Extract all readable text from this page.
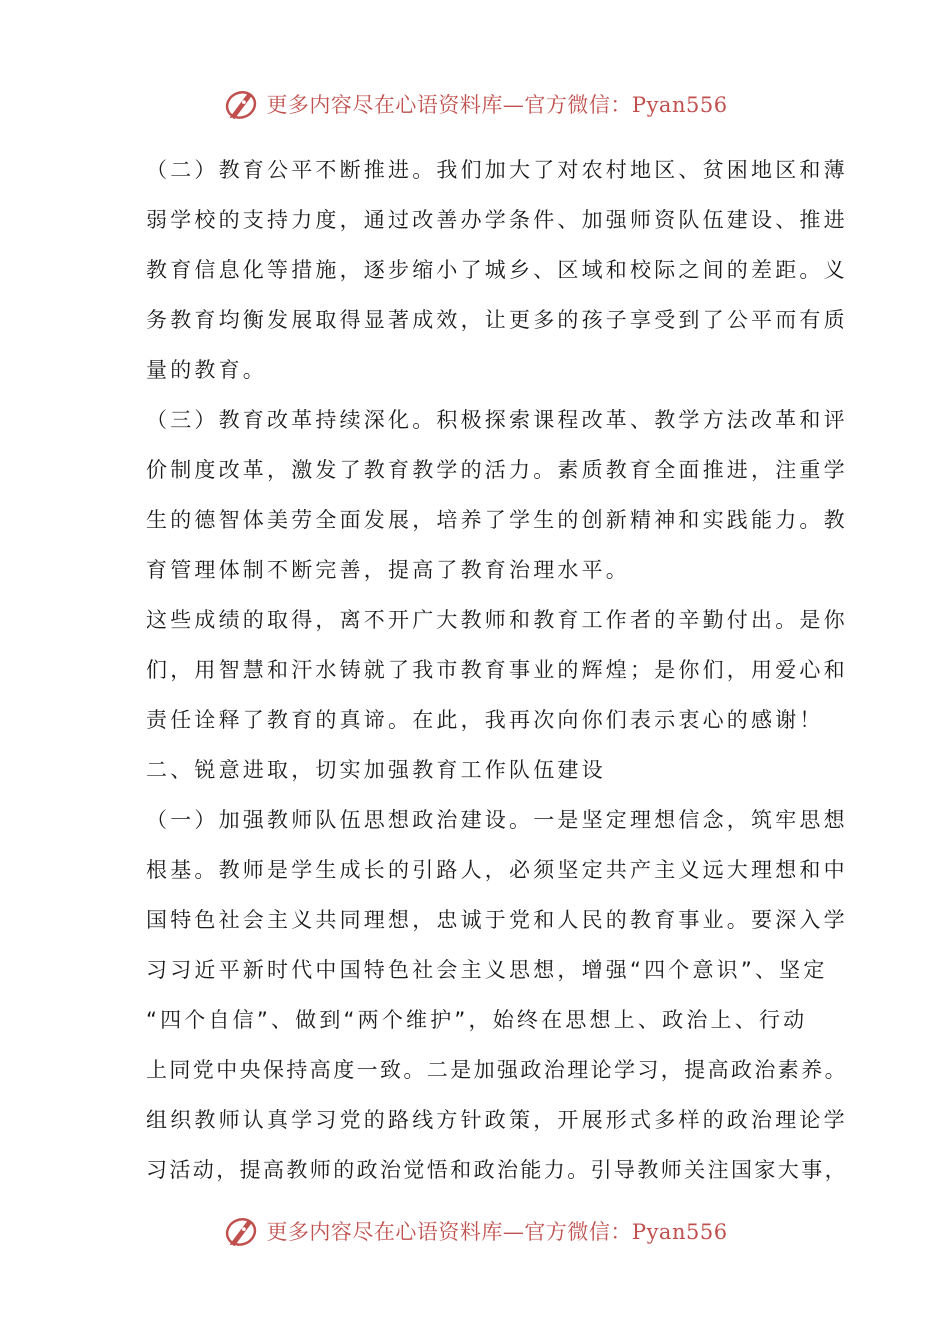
更多内容尽在心语资料库—官方微信：Pyan556
（二）教育公平不断推进。我们加大了对农村地区、贫困地区和薄
弱学校的支持力度，通过改善办学条件、加强师资队伍建设、推进
教育信息化等措施，逐步缩小了城乡、区域和校际之间的差距。义
务教育均衡发展取得显著成效，让更多的孩子享受到了公平而有质
量的教育。
（三）教育改革持续深化。积极探索课程改革、教学方法改革和评
价制度改革，激发了教育教学的活力。素质教育全面推进，注重学
生的德智体美劳全面发展，培养了学生的创新精神和实践能力。教
育管理体制不断完善，提高了教育治理水平。
这些成绩的取得，离不开广大教师和教育工作者的辛勤付出。是你
们，用智慧和汗水铸就了我市教育事业的辉煌；是你们，用爱心和
责任诠释了教育的真谛。在此，我再次向你们表示衷心的感谢！
二、锐意进取，切实加强教育工作队伍建设
（一）加强教师队伍思想政治建设。一是坚定理想信念，筑牢思想
根基。教师是学生成长的引路人，必须坚定共产主义远大理想和中
国特色社会主义共同理想，忠诚于党和人民的教育事业。要深入学
习习近平新时代中国特色社会主义思想，增强“四个意识”、坚定
“四个自信”、做到“两个维护”，始终在思想上、政治上、行动
上同党中央保持高度一致。二是加强政治理论学习，提高政治素养。
组织教师认真学习党的路线方针政策，开展形式多样的政治理论学
习活动，提高教师的政治觉悟和政治能力。引导教师关注国家大事，
更多内容尽在心语资料库—官方微信：Pyan556
